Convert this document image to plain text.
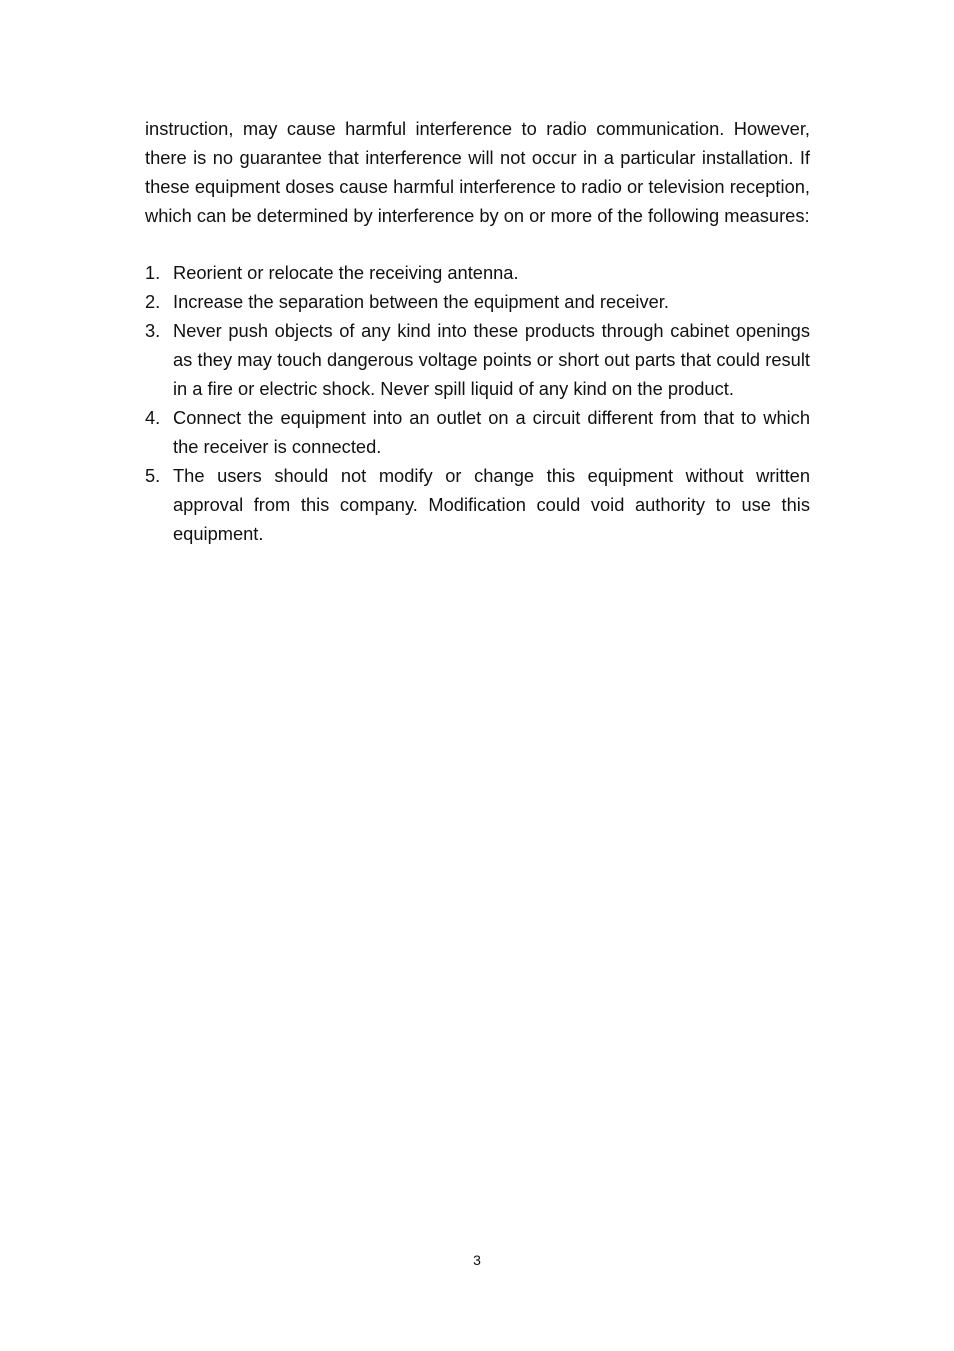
instruction, may cause harmful interference to radio communication. However, there is no guarantee that interference will not occur in a particular installation. If these equipment doses cause harmful interference to radio or television reception, which can be determined by interference by on or more of the following measures:

1. Reorient or relocate the receiving antenna.
2. Increase the separation between the equipment and receiver.
3. Never push objects of any kind into these products through cabinet openings as they may touch dangerous voltage points or short out parts that could result in a fire or electric shock. Never spill liquid of any kind on the product.
4. Connect the equipment into an outlet on a circuit different from that to which the receiver is connected.
5. The users should not modify or change this equipment without written approval from this company. Modification could void authority to use this equipment.
3
